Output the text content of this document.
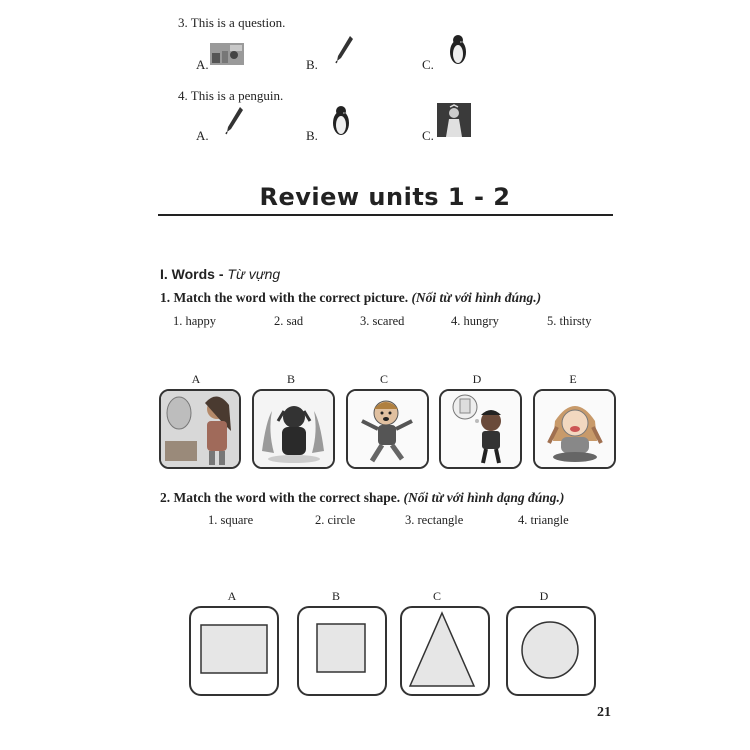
3. This is a question.
A.	B.	C.
4. This is a penguin.
A.	B.	C.
Review units 1 - 2
I. Words - Từ vựng
1. Match the word with the correct picture. (Nối từ với hình đúng.)
1. happy	2. sad	3. scared	4. hungry	5. thirsty
A	B	C	D	E
2. Match the word with the correct shape. (Nối từ với hình dạng đúng.)
1. square	2. circle	3. rectangle	4. triangle
A	B	C	D
21
